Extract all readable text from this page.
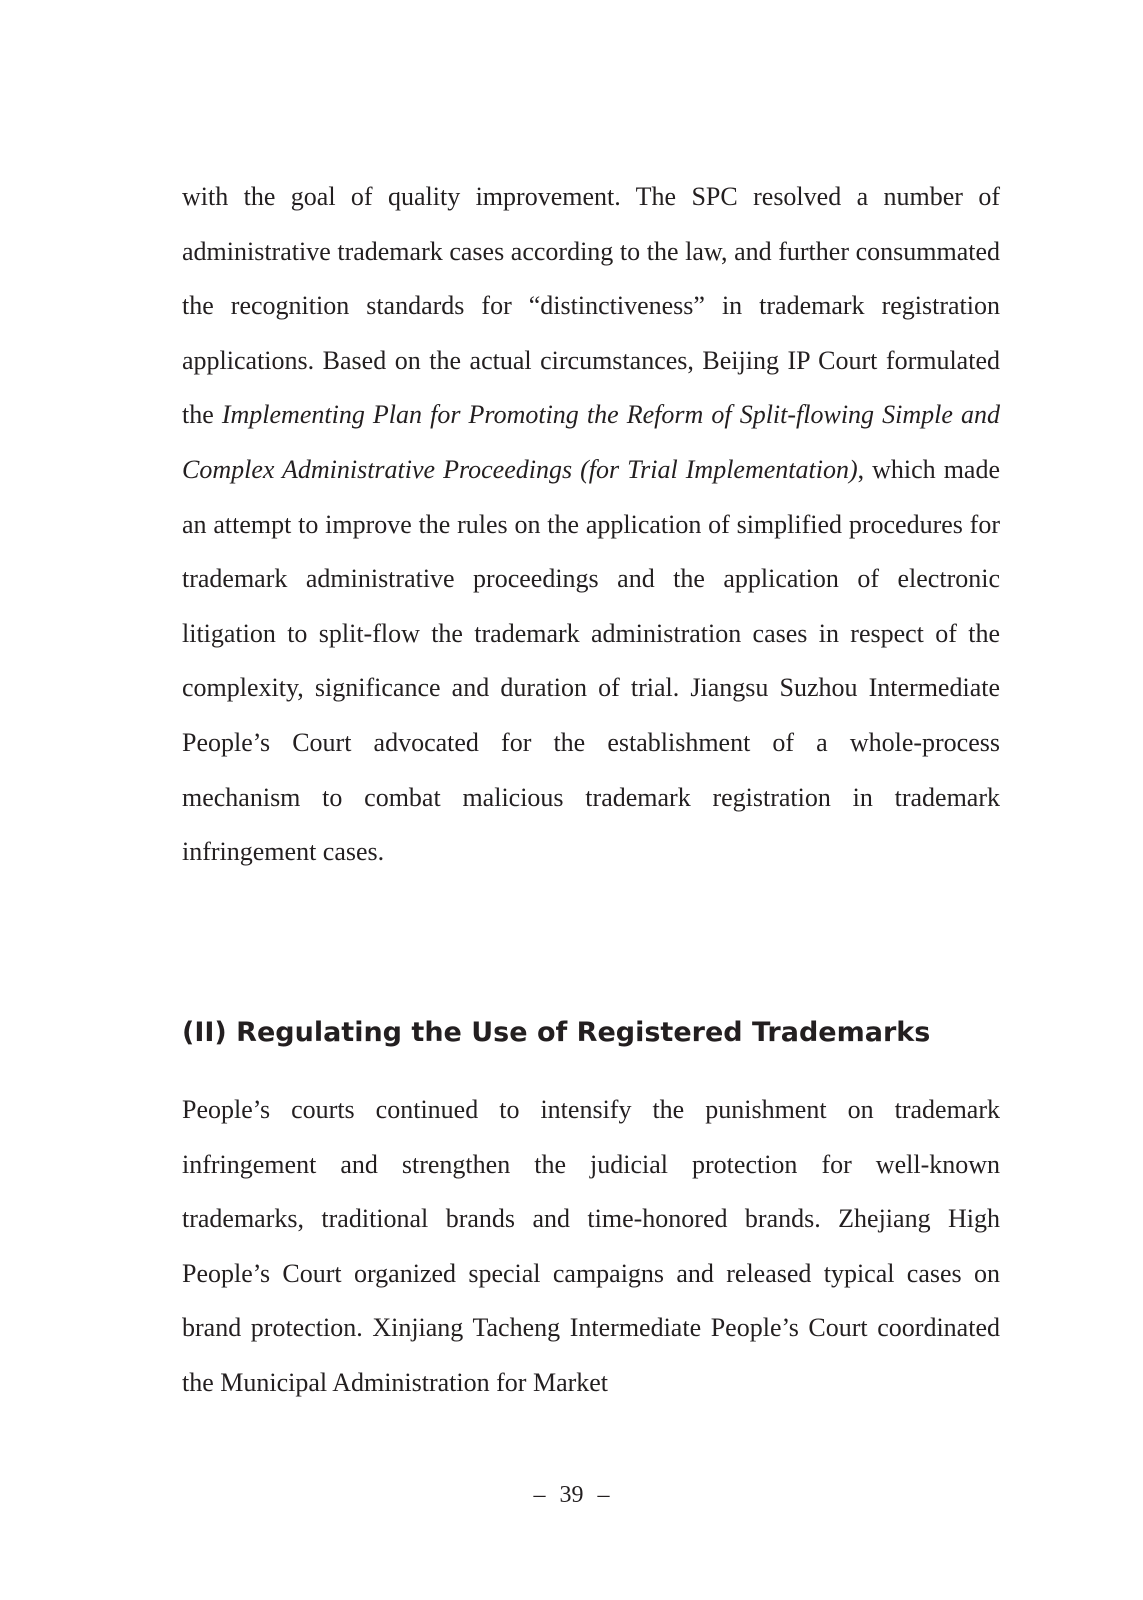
with the goal of quality improvement. The SPC resolved a number of administrative trademark cases according to the law, and further consummated the recognition standards for “distinctiveness” in trademark registration applications. Based on the actual circumstances, Beijing IP Court formulated the Implementing Plan for Promoting the Reform of Split-flowing Simple and Complex Administrative Proceedings (for Trial Implementation), which made an attempt to improve the rules on the application of simplified procedures for trademark administrative proceedings and the application of electronic litigation to split-flow the trademark administration cases in respect of the complexity, significance and duration of trial. Jiangsu Suzhou Intermediate People’s Court advocated for the establishment of a whole-process mechanism to combat malicious trademark registration in trademark infringement cases.

(II) Regulating the Use of Registered Trademarks

People’s courts continued to intensify the punishment on trademark infringement and strengthen the judicial protection for well-known trademarks, traditional brands and time-honored brands. Zhejiang High People’s Court organized special campaigns and released typical cases on brand protection. Xinjiang Tacheng Intermediate People’s Court coordinated the Municipal Administration for Market

– 39 –
